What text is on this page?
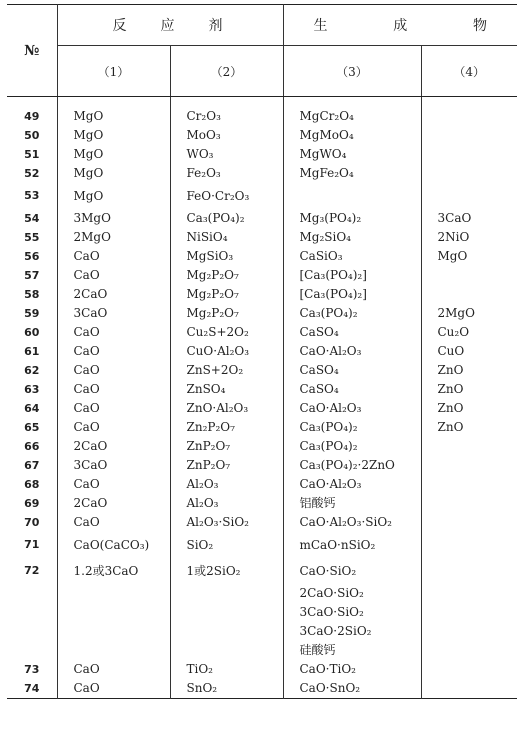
№	反 应 剂		生 成 物	

	（1）	（2）	（3）	（4）
49	MgO	Cr₂O₃	MgCr₂O₄	
50	MgO	MoO₃	MgMoO₄	
51	MgO	WO₃	MgWO₄	
52	MgO	Fe₂O₃	MgFe₂O₄	
53	MgO	FeO·Cr₂O₃		
54	3MgO	Ca₃(PO₄)₂	Mg₃(PO₄)₂	3CaO
55	2MgO	NiSiO₄	Mg₂SiO₄	2NiO
56	CaO	MgSiO₃	CaSiO₃	MgO
57	CaO	Mg₂P₂O₇	[Ca₃(PO₄)₂]	
58	2CaO	Mg₂P₂O₇	[Ca₃(PO₄)₂]	
59	3CaO	Mg₂P₂O₇	Ca₃(PO₄)₂	2MgO
60	CaO	Cu₂S+2O₂	CaSO₄	Cu₂O
61	CaO	CuO·Al₂O₃	CaO·Al₂O₃	CuO
62	CaO	ZnS+2O₂	CaSO₄	ZnO
63	CaO	ZnSO₄	CaSO₄	ZnO
64	CaO	ZnO·Al₂O₃	CaO·Al₂O₃	ZnO
65	CaO	Zn₂P₂O₇	Ca₃(PO₄)₂	ZnO
66	2CaO	ZnP₂O₇	Ca₃(PO₄)₂	
67	3CaO	ZnP₂O₇	Ca₃(PO₄)₂·2ZnO	
68	CaO	Al₂O₃	CaO·Al₂O₃	
69	2CaO	Al₂O₃	铝酸钙	
70	CaO	Al₂O₃·SiO₂	CaO·Al₂O₃·SiO₂	
71	CaO(CaCO₃)	SiO₂	mCaO·nSiO₂	
72	1.2或3CaO	1或2SiO₂	CaO·SiO₂	
			2CaO·SiO₂	
			3CaO·SiO₂	
			3CaO·2SiO₂	
			硅酸钙	
73	CaO	TiO₂	CaO·TiO₂	
74	CaO	SnO₂	CaO·SnO₂	
